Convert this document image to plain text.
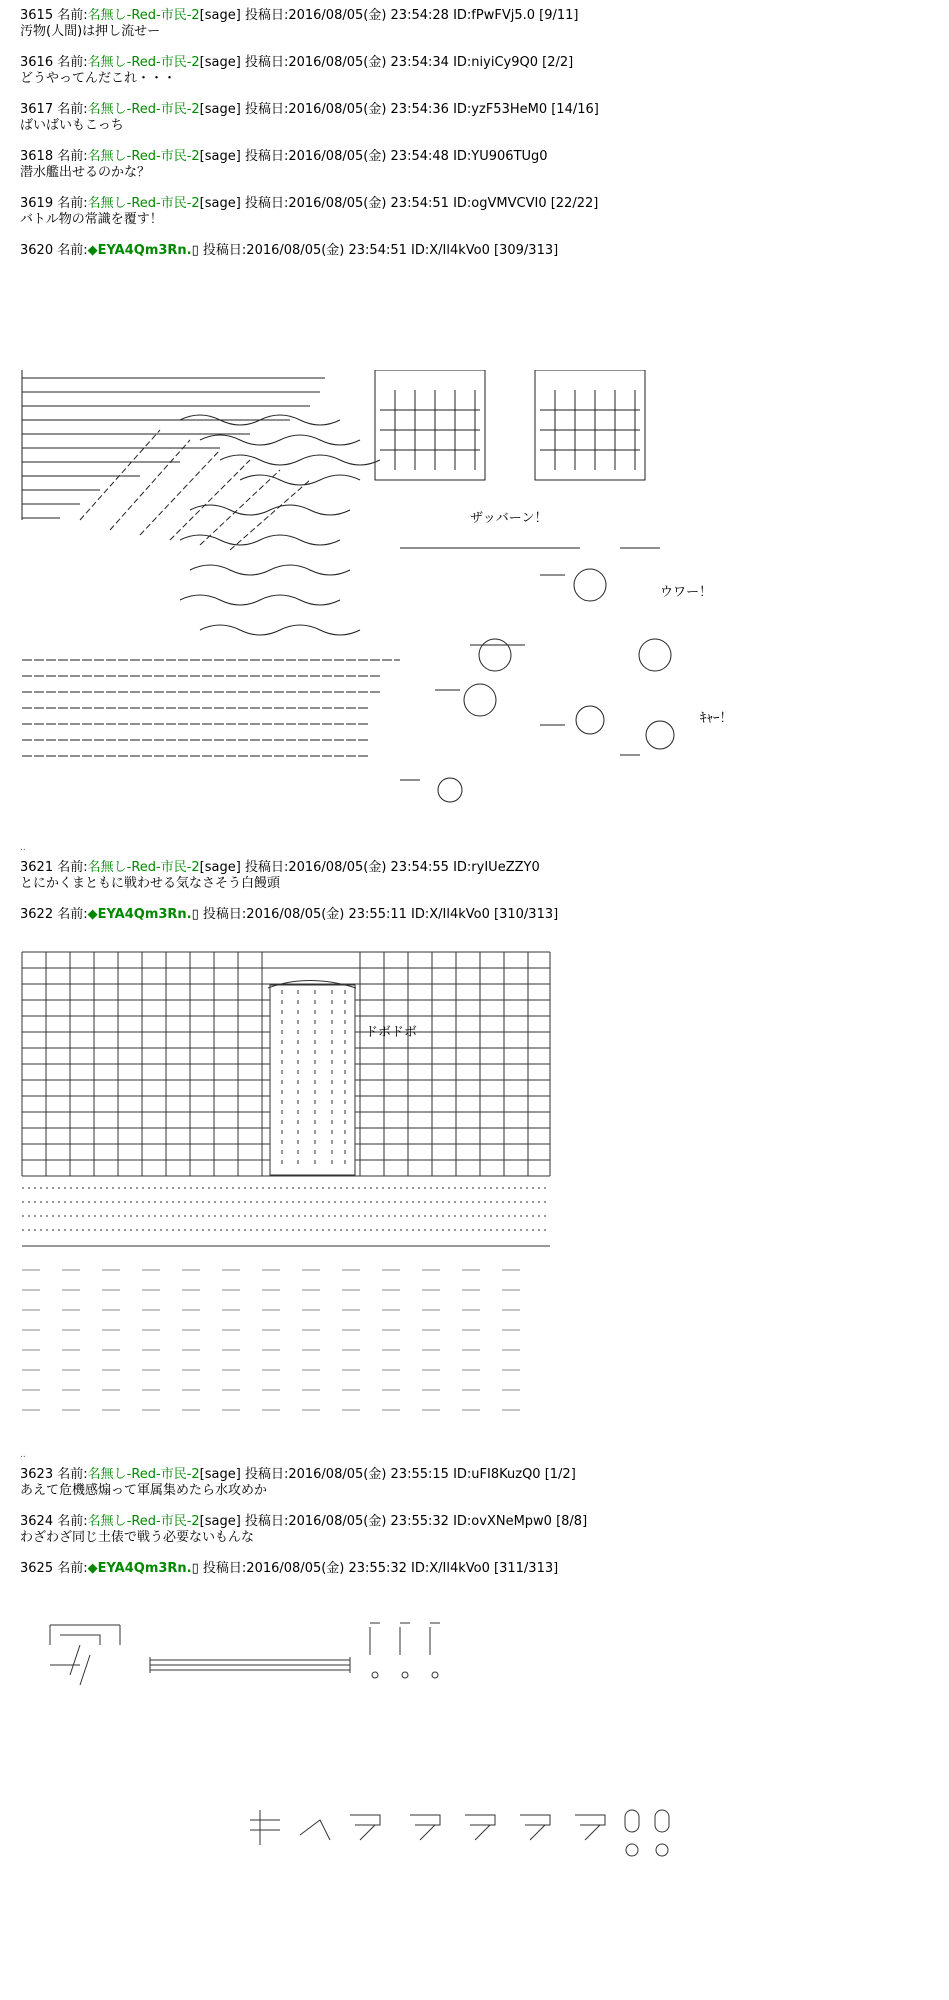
3615 名前:名無し-Red-市民-2[sage] 投稿日:2016/08/05(金) 23:54:28 ID:fPwFVj5.0 [9/11]
汚物(人間)は押し流せー
3616 名前:名無し-Red-市民-2[sage] 投稿日:2016/08/05(金) 23:54:34 ID:niyiCy9Q0 [2/2]
どうやってんだこれ・・・
3617 名前:名無し-Red-市民-2[sage] 投稿日:2016/08/05(金) 23:54:36 ID:yzF53HeM0 [14/16]
ばいばいもこっち
3618 名前:名無し-Red-市民-2[sage] 投稿日:2016/08/05(金) 23:54:48 ID:YU906TUg0
潜水艦出せるのかな？
3619 名前:名無し-Red-市民-2[sage] 投稿日:2016/08/05(金) 23:54:51 ID:ogVMVCVI0 [22/22]
バトル物の常識を覆す！
3620 名前:◆EYA4Qm3Rn.▯ 投稿日:2016/08/05(金) 23:54:51 ID:X/Il4kVo0 [309/313]
ザッバーン！
ウワー！
ｷｬｰ！
..
3621 名前:名無し-Red-市民-2[sage] 投稿日:2016/08/05(金) 23:54:55 ID:ryIUeZZY0
とにかくまともに戦わせる気なさそう白饅頭
3622 名前:◆EYA4Qm3Rn.▯ 投稿日:2016/08/05(金) 23:55:11 ID:X/Il4kVo0 [310/313]
ドボドボ
..
3623 名前:名無し-Red-市民-2[sage] 投稿日:2016/08/05(金) 23:55:15 ID:uFI8KuzQ0 [1/2]
あえて危機感煽って軍属集めたら水攻めか
3624 名前:名無し-Red-市民-2[sage] 投稿日:2016/08/05(金) 23:55:32 ID:ovXNeMpw0 [8/8]
わざわざ同じ土俵で戦う必要ないもんな
3625 名前:◆EYA4Qm3Rn.▯ 投稿日:2016/08/05(金) 23:55:32 ID:X/Il4kVo0 [311/313]
